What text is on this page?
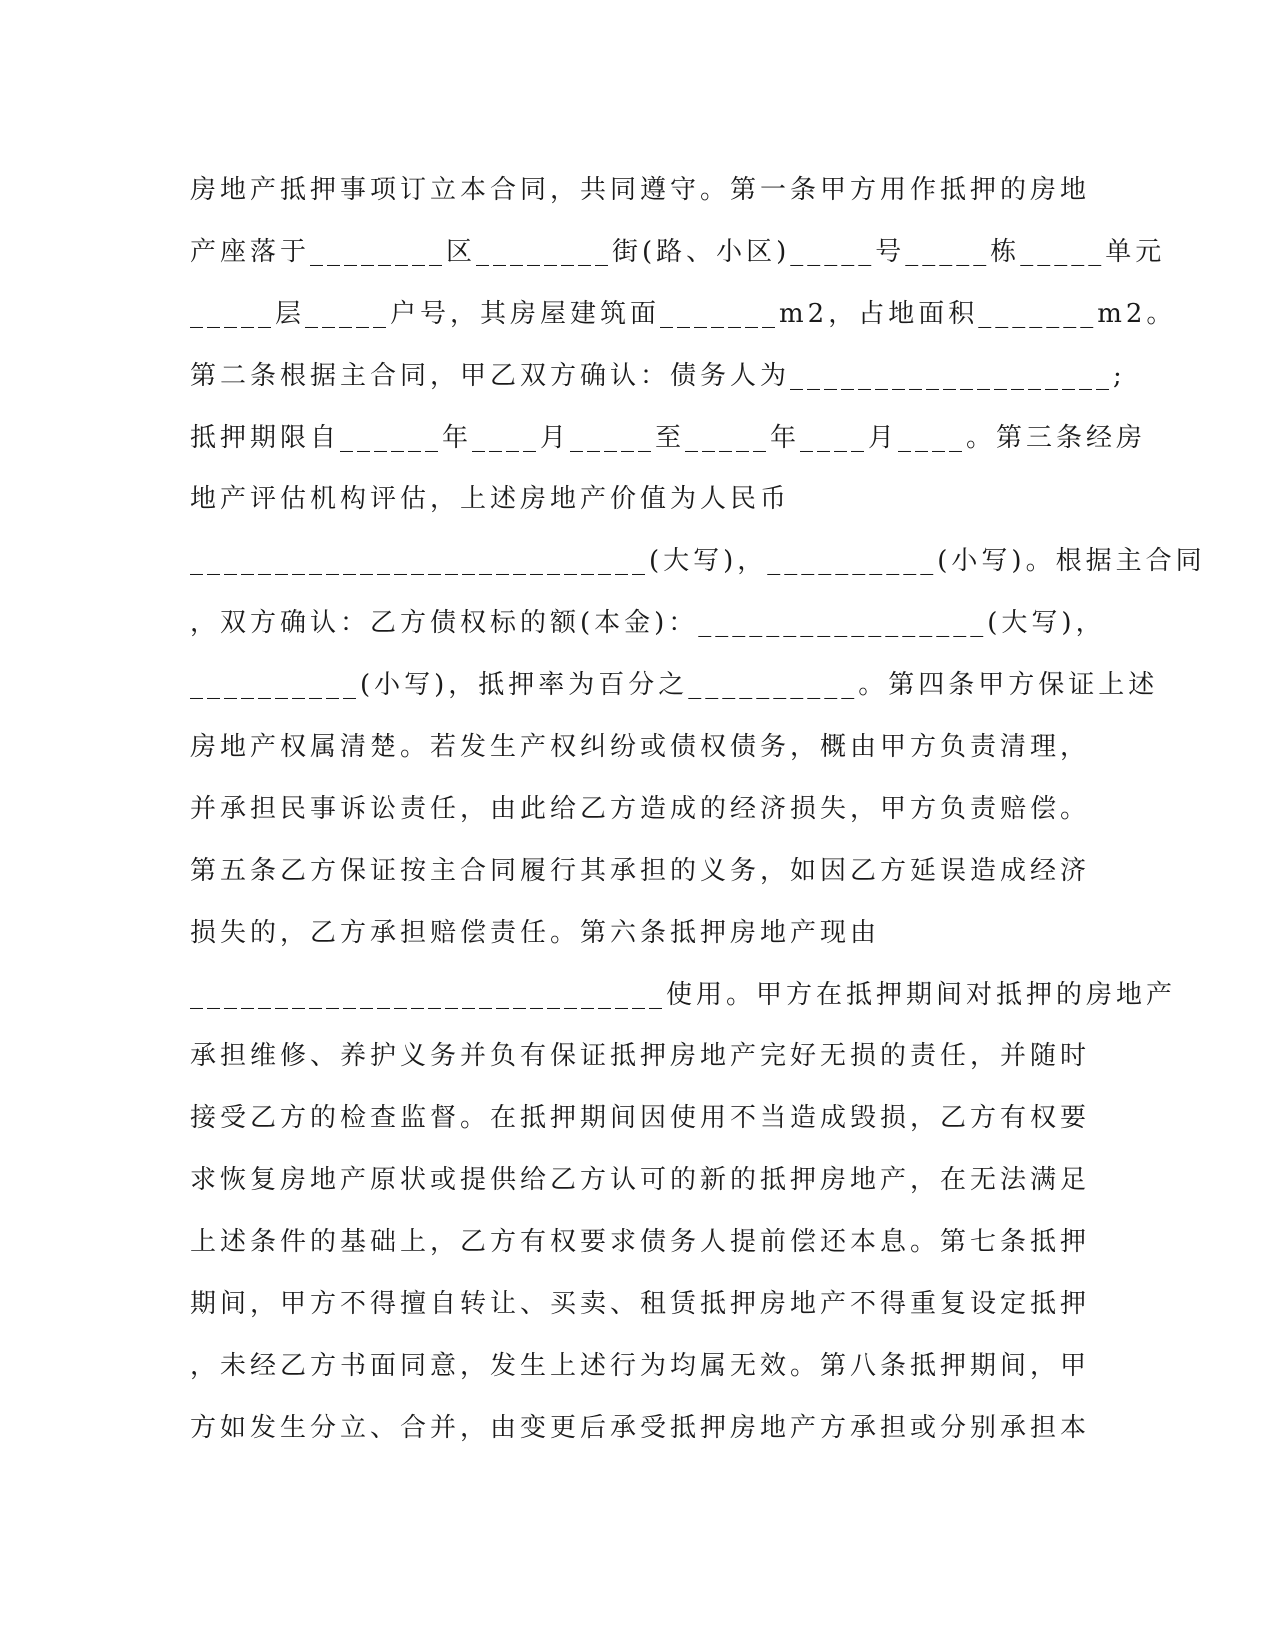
房地产抵押事项订立本合同，共同遵守。第一条甲方用作抵押的房地
产座落于________区________街(路、小区)_____号_____栋_____单元
_____层_____户号，其房屋建筑面_______m2，占地面积_______m2。
第二条根据主合同，甲乙双方确认：债务人为___________________;
抵押期限自______年____月_____至_____年____月____。第三条经房
地产评估机构评估，上述房地产价值为人民币
___________________________(大写)，__________(小写)。根据主合同
，双方确认：乙方债权标的额(本金)：_________________(大写)，
__________(小写)，抵押率为百分之__________。第四条甲方保证上述
房地产权属清楚。若发生产权纠纷或债权债务，概由甲方负责清理，
并承担民事诉讼责任，由此给乙方造成的经济损失，甲方负责赔偿。
第五条乙方保证按主合同履行其承担的义务，如因乙方延误造成经济
损失的，乙方承担赔偿责任。第六条抵押房地产现由
____________________________使用。甲方在抵押期间对抵押的房地产
承担维修、养护义务并负有保证抵押房地产完好无损的责任，并随时
接受乙方的检查监督。在抵押期间因使用不当造成毁损，乙方有权要
求恢复房地产原状或提供给乙方认可的新的抵押房地产，在无法满足
上述条件的基础上，乙方有权要求债务人提前偿还本息。第七条抵押
期间，甲方不得擅自转让、买卖、租赁抵押房地产不得重复设定抵押
，未经乙方书面同意，发生上述行为均属无效。第八条抵押期间，甲
方如发生分立、合并，由变更后承受抵押房地产方承担或分别承担本
